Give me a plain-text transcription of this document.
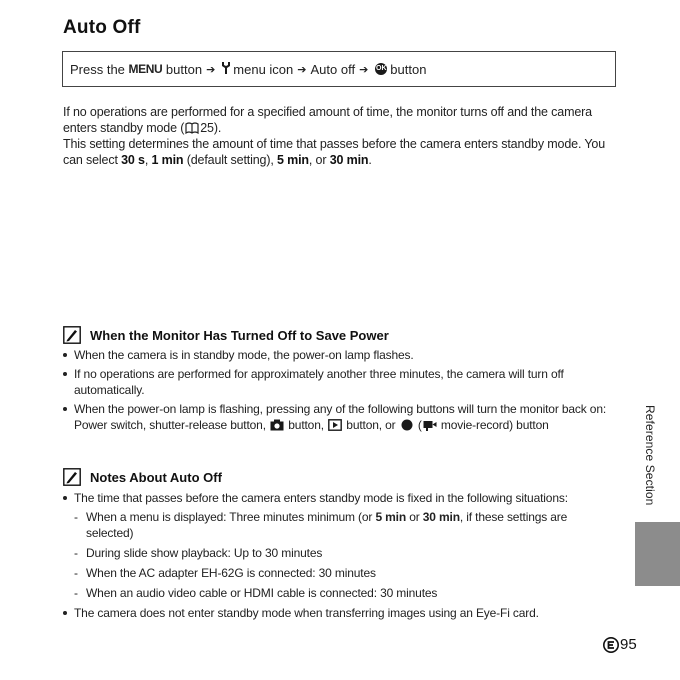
Auto Off
Press the
MENU
button ➔ menu icon ➔ Auto off ➔ OK button

If no operations are performed for a specified amount of time, the monitor turns off and the camera enters standby mode ( 25).

This setting determines the amount of time that passes before the camera enters standby mode. You can select 30 s, 1 min (default setting), 5 min, or 30 min.

When the Monitor Has Turned Off to Save Power
When the camera is in standby mode, the power-on lamp flashes.
If no operations are performed for approximately another three minutes, the camera will turn off automatically.
When the power-on lamp is flashing, pressing any of the following buttons will turn the monitor back on:
Power switch, shutter-release button, button, button, or ( movie-record) button
Notes About Auto Off
The time that passes before the camera enters standby mode is fixed in the following situations:
- When a menu is displayed: Three minutes minimum (or 5 min or 30 min, if these settings are selected)
- During slide show playback: Up to 30 minutes
- When the AC adapter EH-62G is connected: 30 minutes
- When an audio video cable or HDMI cable is connected: 30 minutes
The camera does not enter standby mode when transferring images using an Eye-Fi card.
Reference Section
95
